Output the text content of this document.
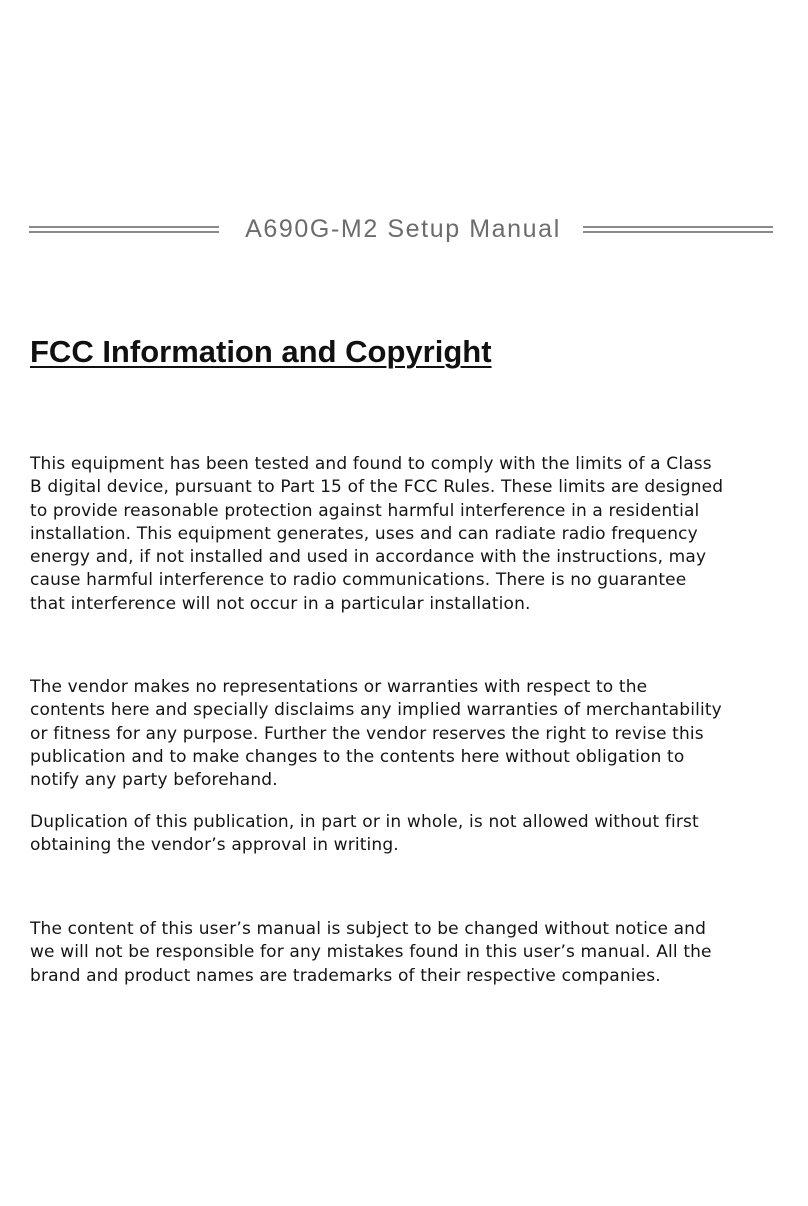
A690G-M2 Setup Manual
FCC Information and Copyright

This equipment has been tested and found to comply with the limits of a Class
B digital device, pursuant to Part 15 of the FCC Rules. These limits are designed
to provide reasonable protection against harmful interference in a residential
installation. This equipment generates, uses and can radiate radio frequency
energy and, if not installed and used in accordance with the instructions, may
cause harmful interference to radio communications. There is no guarantee
that interference will not occur in a particular installation.

The vendor makes no representations or warranties with respect to the
contents here and specially disclaims any implied warranties of merchantability
or fitness for any purpose. Further the vendor reserves the right to revise this
publication and to make changes to the contents here without obligation to
notify any party beforehand.

Duplication of this publication, in part or in whole, is not allowed without first
obtaining the vendor’s approval in writing.

The content of this user’s manual is subject to be changed without notice and
we will not be responsible for any mistakes found in this user’s manual. All the
brand and product names are trademarks of their respective companies.
